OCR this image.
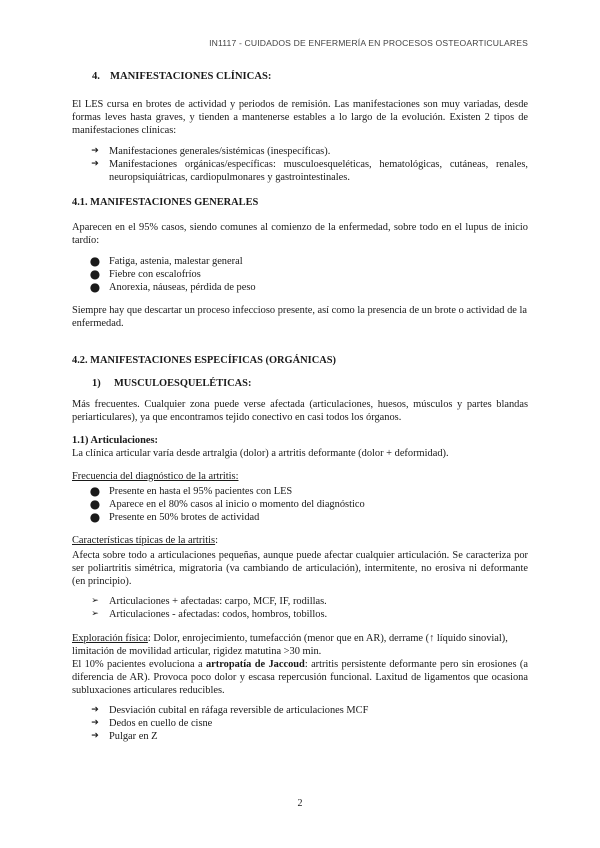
IN1117 - CUIDADOS DE ENFERMERÍA EN PROCESOS OSTEOARTICULARES
4. MANIFESTACIONES CLÍNICAS:

El LES cursa en brotes de actividad y periodos de remisión. Las manifestaciones son muy variadas, desde formas leves hasta graves, y tienden a mantenerse estables a lo largo de la evolución. Existen 2 tipos de manifestaciones clínicas:

➔ Manifestaciones generales/sistémicas (inespecíficas).
➔ Manifestaciones orgánicas/específicas: musculoesqueléticas, hematológicas, cutáneas, renales, neuropsiquiátricas, cardiopulmonares y gastrointestinales.
4.1. MANIFESTACIONES GENERALES

Aparecen en el 95% casos, siendo comunes al comienzo de la enfermedad, sobre todo en el lupus de inicio tardío:

● Fatiga, astenia, malestar general
● Fiebre con escalofríos
● Anorexia, náuseas, pérdida de peso

Siempre hay que descartar un proceso infeccioso presente, así como la presencia de un brote o actividad de la enfermedad.

4.2. MANIFESTACIONES ESPECÍFICAS (ORGÁNICAS)
1) MUSCULOESQUELÉTICAS:

Más frecuentes. Cualquier zona puede verse afectada (articulaciones, huesos, músculos y partes blandas periarticulares), ya que encontramos tejido conectivo en casi todos los órganos.

1.1) Articulaciones:

La clínica articular varía desde artralgia (dolor) a artritis deformante (dolor + deformidad).

Frecuencia del diagnóstico de la artritis:
● Presente en hasta el 95% pacientes con LES
● Aparece en el 80% casos al inicio o momento del diagnóstico
● Presente en 50% brotes de actividad
Características típicas de la artritis:

Afecta sobre todo a articulaciones pequeñas, aunque puede afectar cualquier articulación. Se caracteriza por ser poliartritis simétrica, migratoria (va cambiando de articulación), intermitente, no erosiva ni deformante (en principio).

➢ Articulaciones + afectadas: carpo, MCF, IF, rodillas.
➢ Articulaciones - afectadas: codos, hombros, tobillos.

Exploración física: Dolor, enrojecimiento, tumefacción (menor que en AR), derrame (↑ líquido sinovial), limitación de movilidad articular, rigidez matutina >30 min.

El 10% pacientes evoluciona a artropatía de Jaccoud: artritis persistente deformante pero sin erosiones (a diferencia de AR). Provoca poco dolor y escasa repercusión funcional. Laxitud de ligamentos que ocasiona subluxaciones articulares reducibles.

➔ Desviación cubital en ráfaga reversible de articulaciones MCF
➔ Dedos en cuello de cisne
➔ Pulgar en Z
2
